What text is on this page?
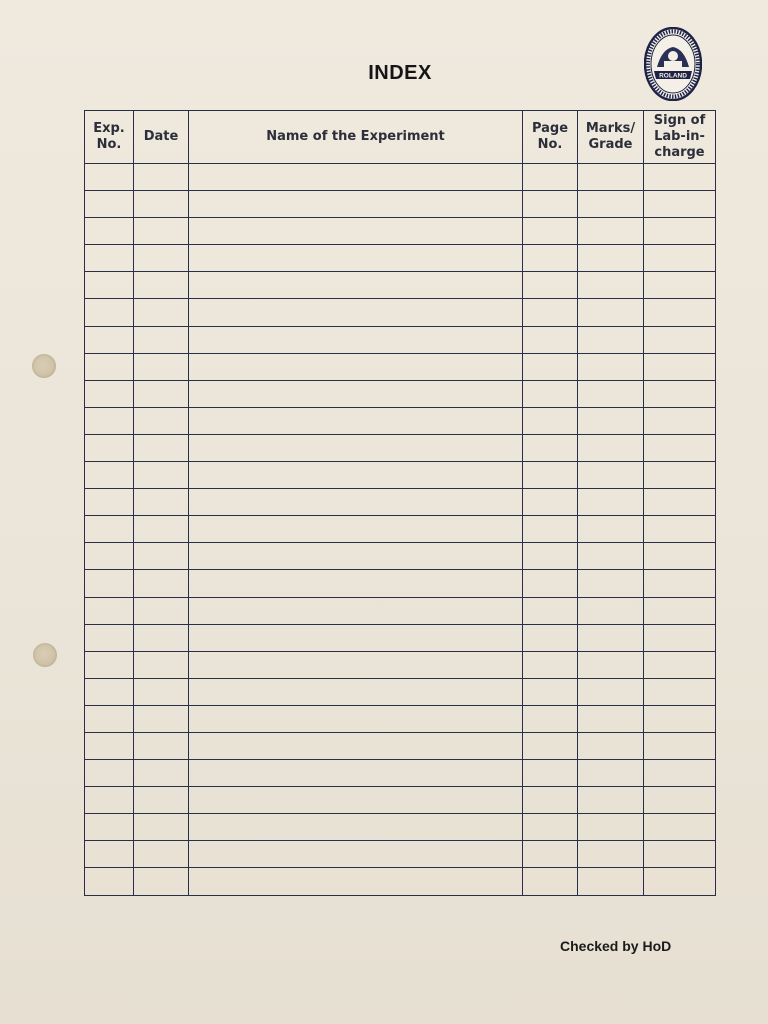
INDEX	ROLAND
Exp. No.	Date	Name of the Experiment	Page No.	Marks/ Grade	Sign of Lab-in-charge

Checked by HoD
